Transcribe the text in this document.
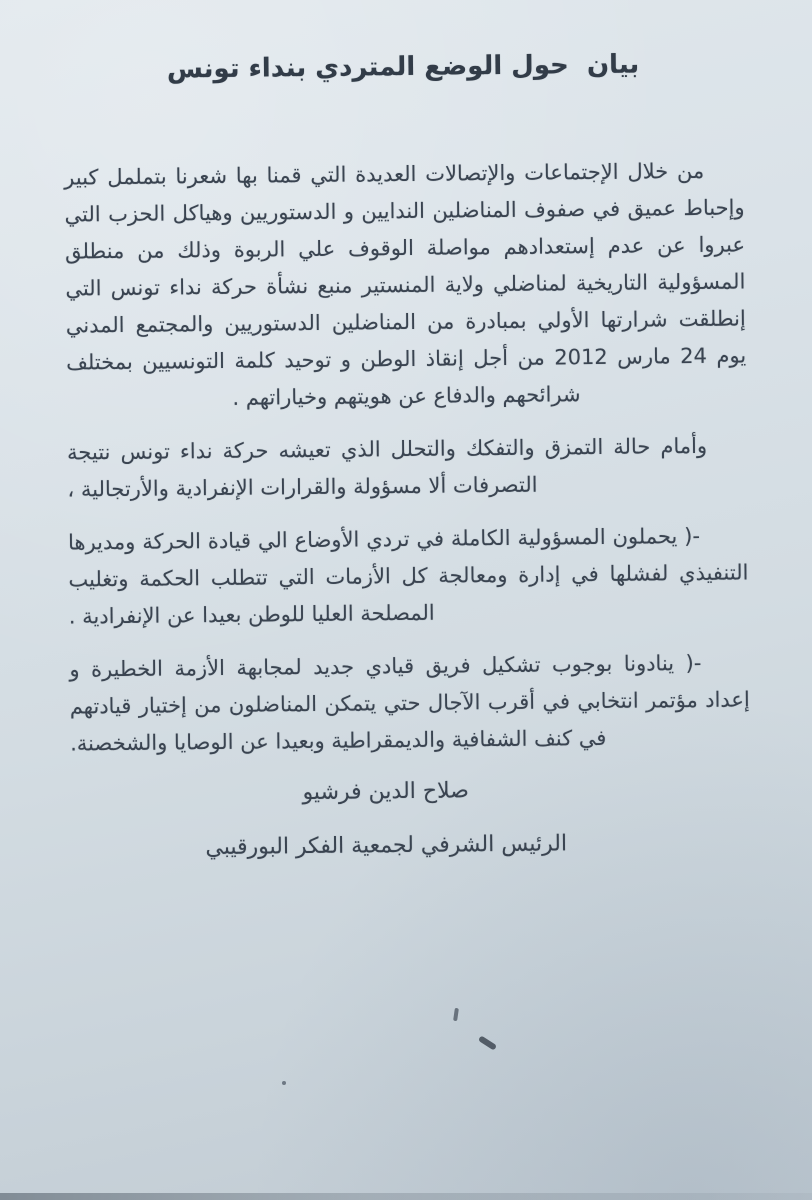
بيان  حول الوضع المتردي بنداء تونس

من خلال الإجتماعات والإتصالات العديدة التي قمنا بها شعرنا بتململ كبير وإحباط عميق في صفوف المناضلين الندايين و الدستوريين وهياكل الحزب التي عبروا عن عدم إستعدادهم مواصلة الوقوف علي الربوة وذلك من منطلق المسؤولية التاريخية لمناضلي ولاية المنستير منبع نشأة حركة نداء تونس التي إنطلقت شرارتها الأولي بمبادرة من المناضلين الدستوريين والمجتمع المدني يوم 24 مارس 2012 من أجل إنقاذ الوطن و توحيد كلمة التونسيين بمختلف شرائحهم والدفاع عن هويتهم وخياراتهم .

وأمام حالة التمزق والتفكك والتحلل الذي تعيشه حركة نداء تونس نتيجة التصرفات ألا مسؤولة والقرارات الإنفرادية والأرتجالية ،

-( يحملون المسؤولية الكاملة في تردي الأوضاع الي قيادة الحركة ومديرها التنفيذي لفشلها في إدارة ومعالجة كل الأزمات التي تتطلب الحكمة وتغليب المصلحة العليا للوطن بعيدا عن الإنفرادية .

-( ينادونا بوجوب تشكيل فريق قيادي جديد لمجابهة الأزمة الخطيرة و إعداد مؤتمر انتخابي في أقرب الآجال حتي يتمكن المناضلون من إختيار قيادتهم في كنف الشفافية والديمقراطية وبعيدا عن الوصايا والشخصنة.

صلاح الدين فرشيو

الرئيس الشرفي لجمعية الفكر البورقيبي
